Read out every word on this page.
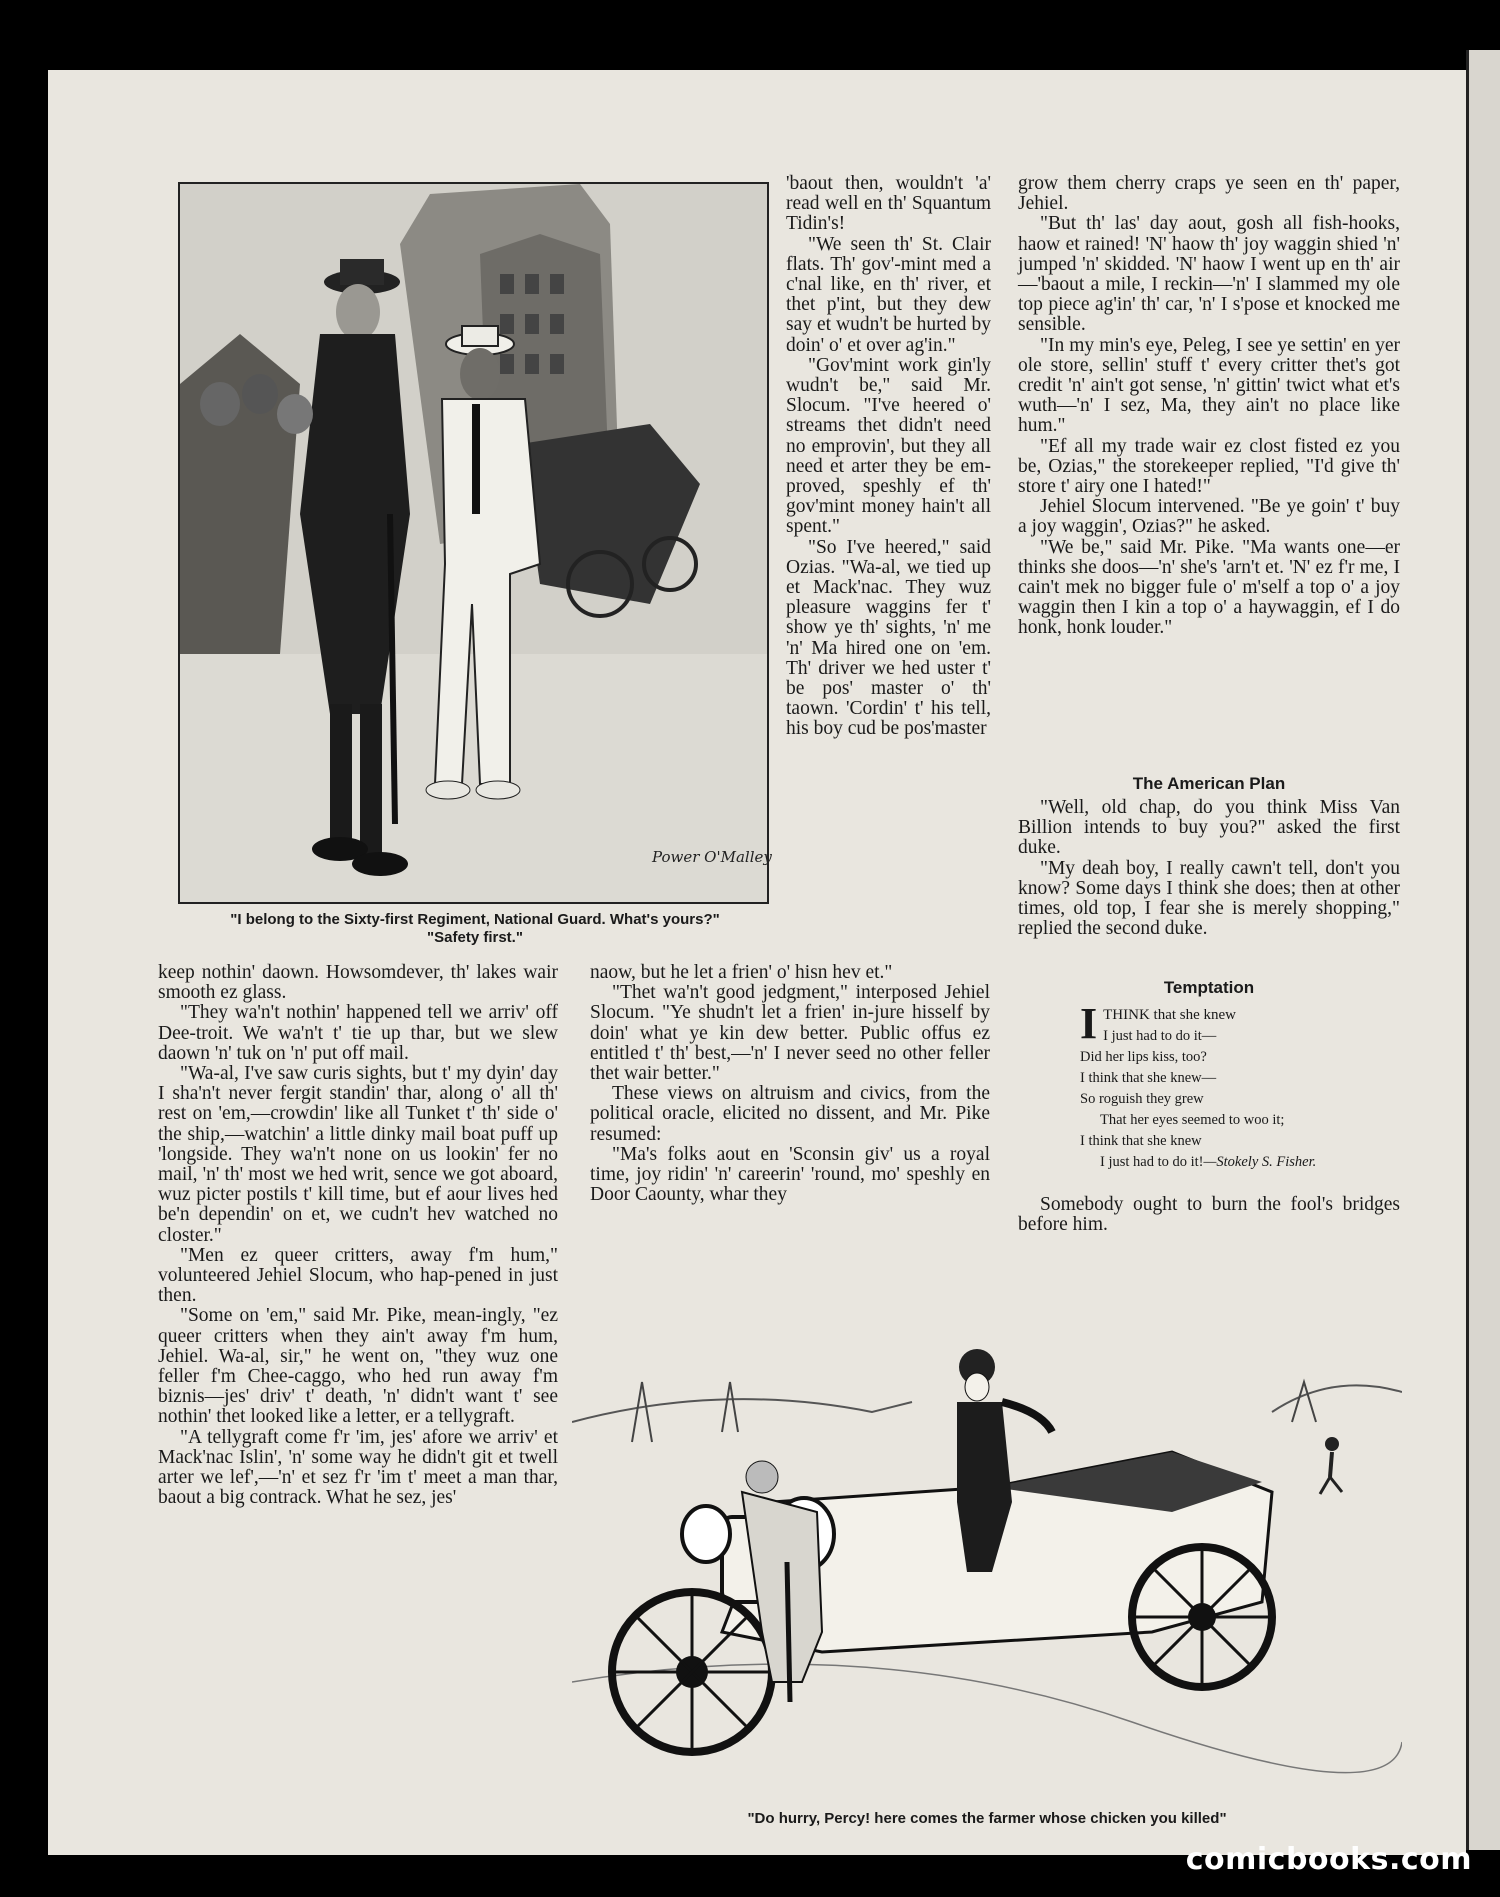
Power O'Malley
"I belong to the Sixty-first Regiment, National Guard. What's yours?"
"Safety first."

'baout then, wouldn't 'a' read well en th' Squantum Tidin's!

"We seen th' St. Clair flats. Th' gov'-mint med a c'nal like, en th' river, et thet p'int, but they dew say et wudn't be hurted by doin' o' et over ag'in."

"Gov'mint work gin'ly wudn't be," said Mr. Slocum. "I've heered o' streams thet didn't need no emprovin', but they all need et arter they be em-proved, speshly ef th' gov'mint money hain't all spent."

"So I've heered," said Ozias. "Wa-al, we tied up et Mack'nac. They wuz pleasure waggins fer t' show ye th' sights, 'n' me 'n' Ma hired one on 'em. Th' driver we hed uster t' be pos' master o' th' taown. 'Cordin' t' his tell, his boy cud be pos'master

grow them cherry craps ye seen en th' paper, Jehiel.

"But th' las' day aout, gosh all fish-hooks, haow et rained! 'N' haow th' joy waggin shied 'n' jumped 'n' skidded. 'N' haow I went up en th' air—'baout a mile, I reckin—'n' I slammed my ole top piece ag'in' th' car, 'n' I s'pose et knocked me sensible.

"In my min's eye, Peleg, I see ye settin' en yer ole store, sellin' stuff t' every critter thet's got credit 'n' ain't got sense, 'n' gittin' twict what et's wuth—'n' I sez, Ma, they ain't no place like hum."

"Ef all my trade wair ez clost fisted ez you be, Ozias," the storekeeper replied, "I'd give th' store t' airy one I hated!"

Jehiel Slocum intervened. "Be ye goin' t' buy a joy waggin', Ozias?" he asked.

"We be," said Mr. Pike. "Ma wants one—er thinks she doos—'n' she's 'arn't et. 'N' ez f'r me, I cain't mek no bigger fule o' m'self a top o' a joy waggin then I kin a top o' a haywaggin, ef I do honk, honk louder."

The American Plan

"Well, old chap, do you think Miss Van Billion intends to buy you?" asked the first duke.

"My deah boy, I really cawn't tell, don't you know? Some days I think she does; then at other times, old top, I fear she is merely shopping," replied the second duke.

Temptation
ITHINK that she knew
I just had to do it—
Did her lips kiss, too?
I think that she knew—
So roguish they grew
That her eyes seemed to woo it;
I think that she knew
I just had to do it!—Stokely S. Fisher.

Somebody ought to burn the fool's bridges before him.

keep nothin' daown. Howsomdever, th' lakes wair smooth ez glass.

"They wa'n't nothin' happened tell we arriv' off Dee-troit. We wa'n't t' tie up thar, but we slew daown 'n' tuk on 'n' put off mail.

"Wa-al, I've saw curis sights, but t' my dyin' day I sha'n't never fergit standin' thar, along o' all th' rest on 'em,—crowdin' like all Tunket t' th' side o' the ship,—watchin' a little dinky mail boat puff up 'longside. They wa'n't none on us lookin' fer no mail, 'n' th' most we hed writ, sence we got aboard, wuz picter postils t' kill time, but ef aour lives hed be'n dependin' on et, we cudn't hev watched no closter."

"Men ez queer critters, away f'm hum," volunteered Jehiel Slocum, who hap-pened in just then.

"Some on 'em," said Mr. Pike, mean-ingly, "ez queer critters when they ain't away f'm hum, Jehiel. Wa-al, sir," he went on, "they wuz one feller f'm Chee-caggo, who hed run away f'm biznis—jes' driv' t' death, 'n' didn't want t' see nothin' thet looked like a letter, er a tellygraft.

"A tellygraft come f'r 'im, jes' afore we arriv' et Mack'nac Islin', 'n' some way he didn't git et twell arter we lef',—'n' et sez f'r 'im t' meet a man thar, baout a big contrack. What he sez, jes'

naow, but he let a frien' o' hisn hev et."

"Thet wa'n't good jedgment," interposed Jehiel Slocum. "Ye shudn't let a frien' in-jure hisself by doin' what ye kin dew better. Public offus ez entitled t' th' best,—'n' I never seed no other feller thet wair better."

These views on altruism and civics, from the political oracle, elicited no dissent, and Mr. Pike resumed:

"Ma's folks aout en 'Sconsin giv' us a royal time, joy ridin' 'n' careerin' 'round, mo' speshly en Door Caounty, whar they

"Do hurry, Percy! here comes the farmer whose chicken you killed"
comicbooks.com
